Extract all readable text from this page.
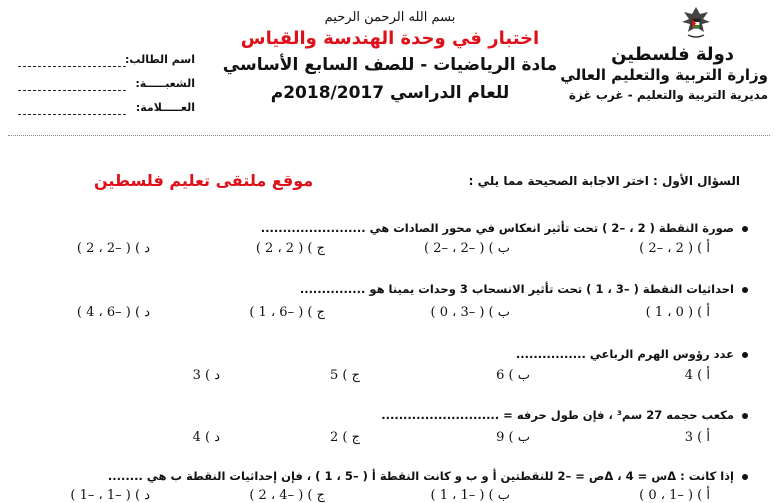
بسم الله الرحمن الرحيم
اختبار في وحدة الهندسة والقياس
مادة الرياضيات - للصف السابع الأساسي
للعام الدراسي 2018/2017م
دولة فلسطين
وزارة التربية والتعليم العالي
مديرية التربية والتعليم - غرب غزة
اسم الطالب:
الشعبـــــة:
العـــــلامة:
السؤال الأول : اختر الاجابة الصحيحة مما يلي :
موقع ملتقى تعليم فلسطين
صورة النقطة ( 2 ، –2 ) تحت تأثير انعكاس في محور الصادات هي ........................
أ ) ( 2 ، –2 )
ب ) ( –2 ، –2 )
ج ) ( 2 ، 2 )
د ) ( –2 ، 2 )
احداثيات النقطة ( –3 ، 1 ) تحت تأثير الانسحاب 3 وحدات يمينا هو ...............
أ ) ( 0 ، 1 )
ب ) ( –3 ، 0 )
ج ) ( –6 ، 1 )
د ) ( –6 ، 4 )
عدد رؤوس الهرم الرباعي ................
أ ) 4
ب ) 6
ج ) 5
د ) 3
مكعب حجمه 27 سم³ ، فإن طول حرفه = ...........................
أ ) 3
ب ) 9
ج ) 2
د ) 4
إذا كانت : Δس = 4 ، Δص = –2 للنقطتين أ و ب و كانت النقطة أ ( –5 ، 1 ) ، فإن إحداثيات النقطة ب هي ........
أ ) ( –1 ، 0 )
ب ) ( –1 ، 1 )
ج ) ( –4 ، 2 )
د ) ( –1 ، –1 )
